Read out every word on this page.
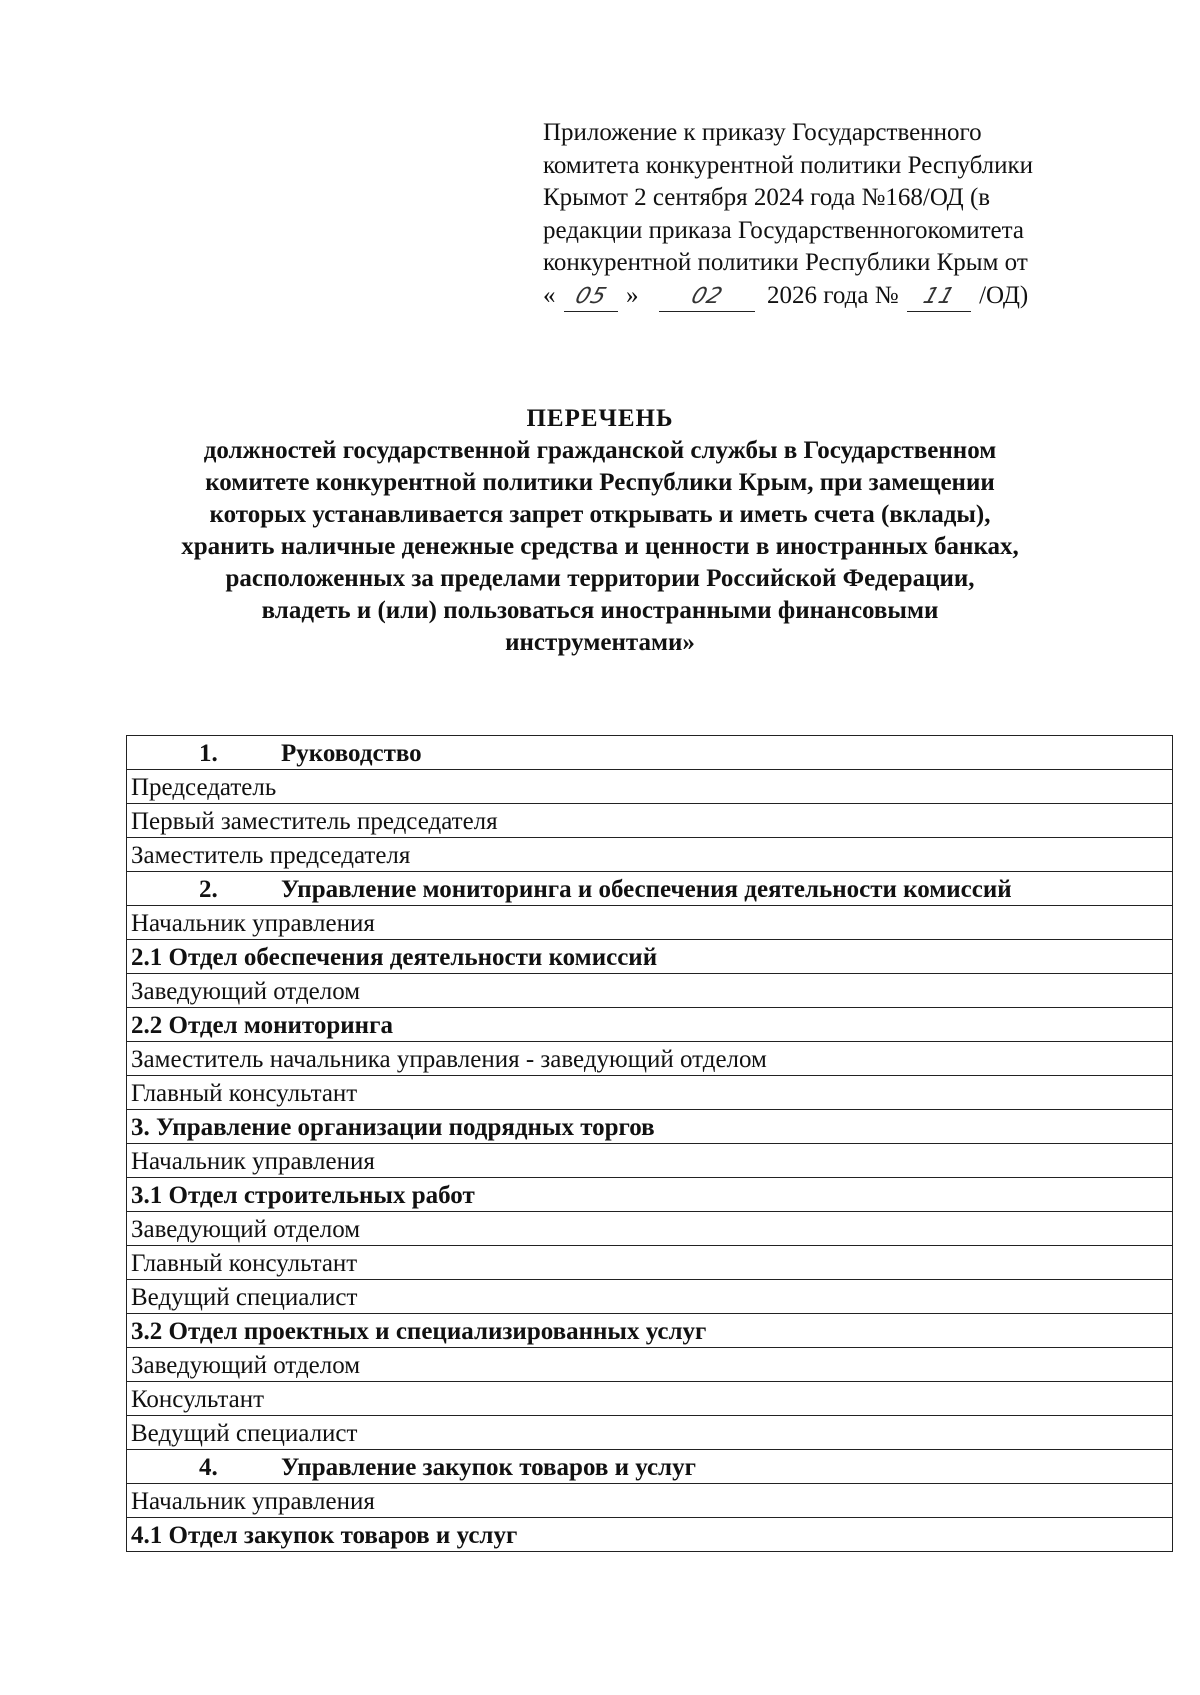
Приложение к приказу Государственного
комитета конкурентной политики Республики
Крымот 2 сентября 2024 года №168/ОД (в
редакции приказа Государственногокомитета
конкурентной политики Республики Крым от
« 05 » 02 2026 года № 11 /ОД)
ПЕРЕЧЕНЬ
должностей государственной гражданской службы в Государственном
комитете конкурентной политики Республики Крым, при замещении
которых устанавливается запрет открывать и иметь счета (вклады),
хранить наличные денежные средства и ценности в иностранных банках,
расположенных за пределами территории Российской Федерации,
владеть и (или) пользоваться иностранными финансовыми
инструментами»
1.	Руководство
Председатель
Первый заместитель председателя
Заместитель председателя
2.	Управление мониторинга и обеспечения деятельности комиссий
Начальник управления
2.1 Отдел обеспечения деятельности комиссий
Заведующий отделом
2.2 Отдел мониторинга
Заместитель начальника управления - заведующий отделом
Главный консультант
3. Управление организации подрядных торгов
Начальник управления
3.1 Отдел строительных работ
Заведующий отделом
Главный консультант
Ведущий специалист
3.2 Отдел проектных и специализированных услуг
Заведующий отделом
Консультант
Ведущий специалист
4.	Управление закупок товаров и услуг
Начальник управления
4.1 Отдел закупок товаров и услуг
